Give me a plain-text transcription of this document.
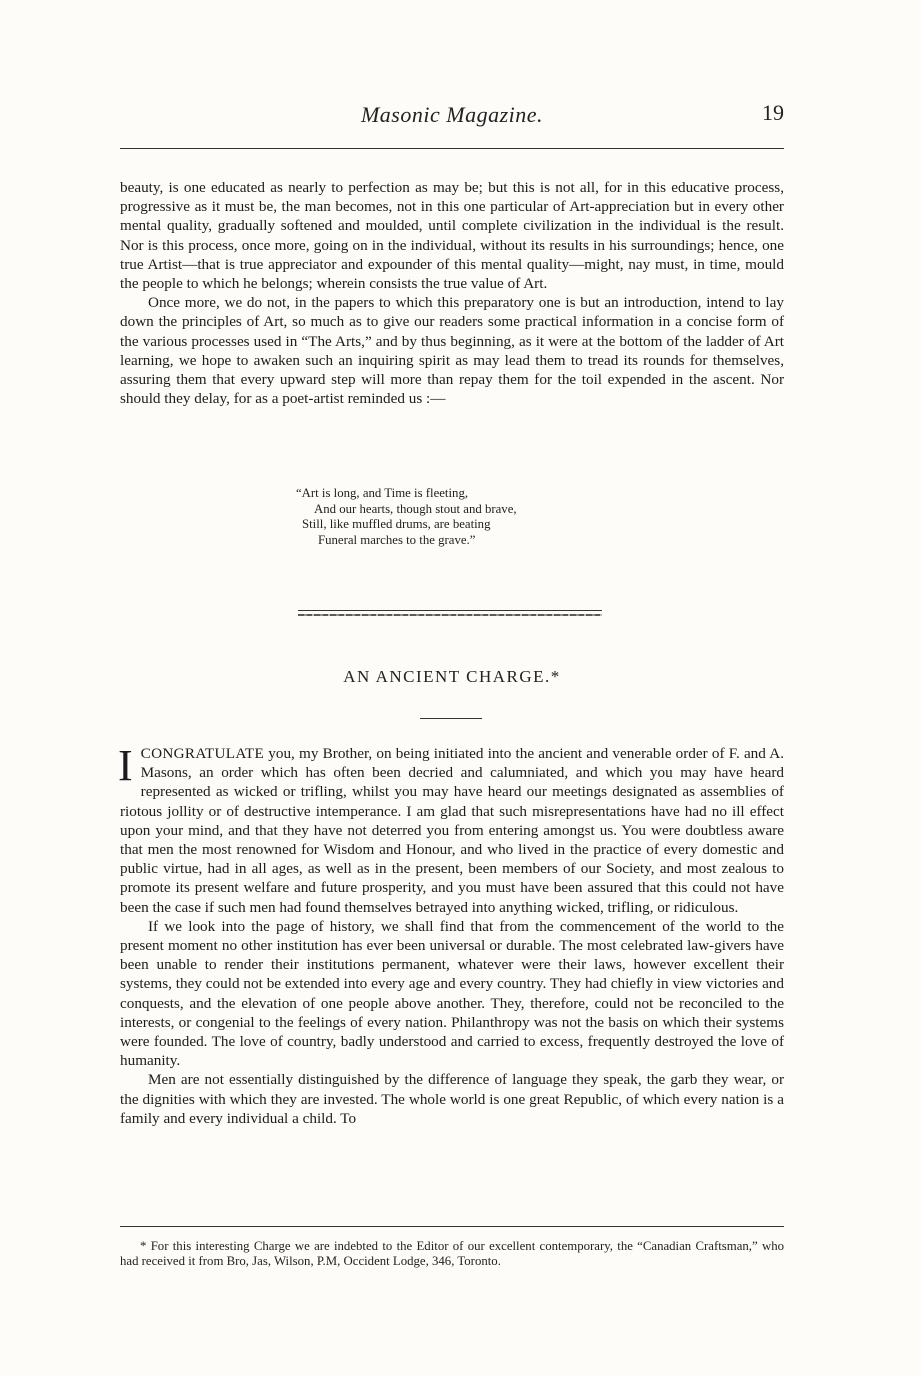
Masonic Magazine.	19

beauty, is one educated as nearly to perfection as may be; but this is not all, for in this educative process, progressive as it must be, the man becomes, not in this one particular of Art-appreciation but in every other mental quality, gradually softened and moulded, until complete civilization in the individual is the result. Nor is this process, once more, going on in the individual, without its results in his surroundings; hence, one true Artist—that is true appreciator and expounder of this mental quality—might, nay must, in time, mould the people to which he belongs; wherein consists the true value of Art.

Once more, we do not, in the papers to which this preparatory one is but an introduction, intend to lay down the principles of Art, so much as to give our readers some practical information in a concise form of the various processes used in “The Arts,” and by thus beginning, as it were at the bottom of the ladder of Art learning, we hope to awaken such an inquiring spirit as may lead them to tread its rounds for themselves, assuring them that every upward step will more than repay them for the toil expended in the ascent. Nor should they delay, for as a poet-artist reminded us :—

“Art is long, and Time is fleeting,
And our hearts, though stout and brave,
Still, like muffled drums, are beating
Funeral marches to the grave.”
AN ANCIENT CHARGE.*

ICONGRATULATE you, my Brother, on being initiated into the ancient and venerable order of F. and A. Masons, an order which has often been decried and calumniated, and which you may have heard represented as wicked or trifling, whilst you may have heard our meetings designated as assemblies of riotous jollity or of destructive intemperance. I am glad that such misrepresentations have had no ill effect upon your mind, and that they have not deterred you from entering amongst us. You were doubtless aware that men the most renowned for Wisdom and Honour, and who lived in the practice of every domestic and public virtue, had in all ages, as well as in the present, been members of our Society, and most zealous to promote its present welfare and future prosperity, and you must have been assured that this could not have been the case if such men had found themselves betrayed into anything wicked, trifling, or ridiculous.

If we look into the page of history, we shall find that from the commencement of the world to the present moment no other institution has ever been universal or durable. The most celebrated law-givers have been unable to render their institutions permanent, whatever were their laws, however excellent their systems, they could not be extended into every age and every country. They had chiefly in view victories and conquests, and the elevation of one people above another. They, therefore, could not be reconciled to the interests, or congenial to the feelings of every nation. Philanthropy was not the basis on which their systems were founded. The love of country, badly understood and carried to excess, frequently destroyed the love of humanity.

Men are not essentially distinguished by the difference of language they speak, the garb they wear, or the dignities with which they are invested. The whole world is one great Republic, of which every nation is a family and every individual a child. To

* For this interesting Charge we are indebted to the Editor of our excellent contemporary, the “Canadian Craftsman,” who had received it from Bro, Jas, Wilson, P.M, Occident Lodge, 346, Toronto.
